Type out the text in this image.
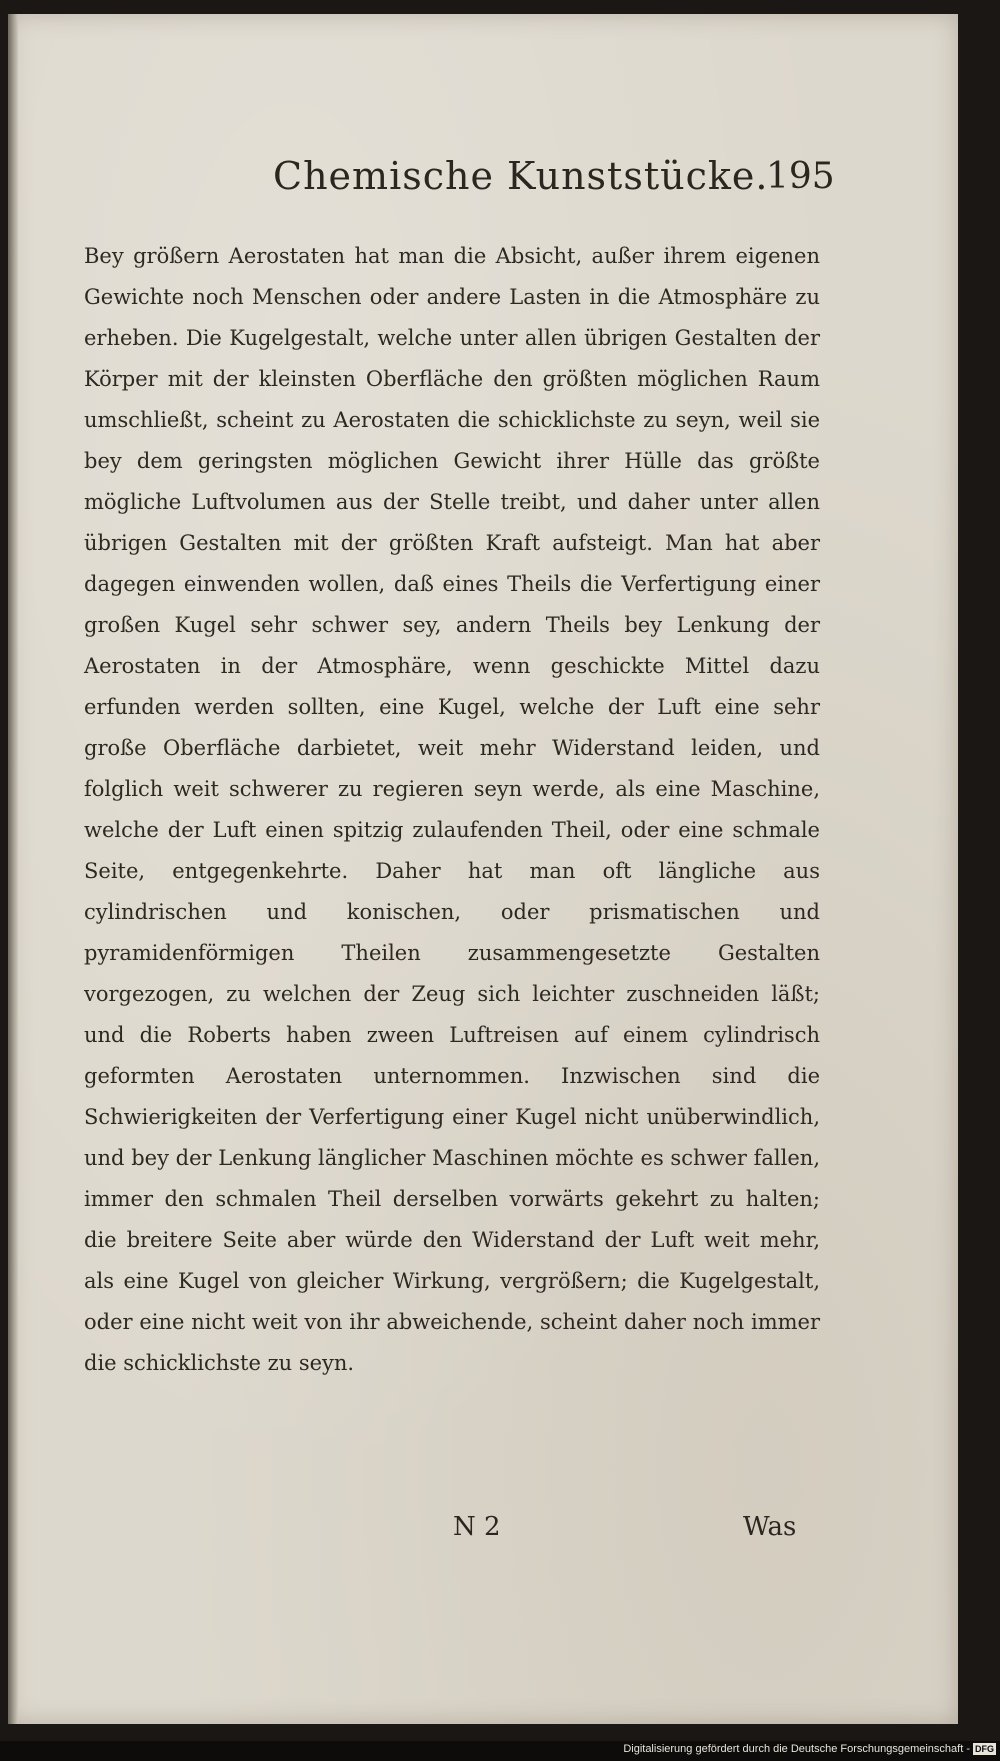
Chemische Kunststücke.
195

Bey größern Aerostaten hat man die Absicht, außer ihrem eigenen Gewichte noch Menschen oder andere Lasten in die Atmosphäre zu erheben. Die Kugelgestalt, welche unter allen übrigen Gestalten der Körper mit der kleinsten Oberfläche den größten möglichen Raum umschließt, scheint zu Aerostaten die schicklichste zu seyn, weil sie bey dem geringsten möglichen Gewicht ihrer Hülle das größte mögliche Luftvolumen aus der Stelle treibt, und daher unter allen übrigen Gestalten mit der größten Kraft aufsteigt. Man hat aber dagegen einwenden wollen, daß eines Theils die Verfertigung einer großen Kugel sehr schwer sey, andern Theils bey Lenkung der Aerostaten in der Atmosphäre, wenn geschickte Mittel dazu erfunden werden sollten, eine Kugel, welche der Luft eine sehr große Oberfläche darbietet, weit mehr Widerstand leiden, und folglich weit schwerer zu regieren seyn werde, als eine Maschine, welche der Luft einen spitzig zulaufenden Theil, oder eine schmale Seite, entgegenkehrte. Daher hat man oft längliche aus cylindrischen und konischen, oder prismatischen und pyramidenförmigen Theilen zusammengesetzte Gestalten vorgezogen, zu welchen der Zeug sich leichter zuschneiden läßt; und die Roberts haben zween Luftreisen auf einem cylindrisch geformten Aerostaten unternommen. Inzwischen sind die Schwierigkeiten der Verfertigung einer Kugel nicht unüberwindlich, und bey der Lenkung länglicher Maschinen möchte es schwer fallen, immer den schmalen Theil derselben vorwärts gekehrt zu halten; die breitere Seite aber würde den Widerstand der Luft weit mehr, als eine Kugel von gleicher Wirkung, vergrößern; die Kugelgestalt, oder eine nicht weit von ihr abweichende, scheint daher noch immer die schicklichste zu seyn.

N 2	Was
Digitalisierung gefördert durch die Deutsche Forschungsgemeinschaft - DFG
